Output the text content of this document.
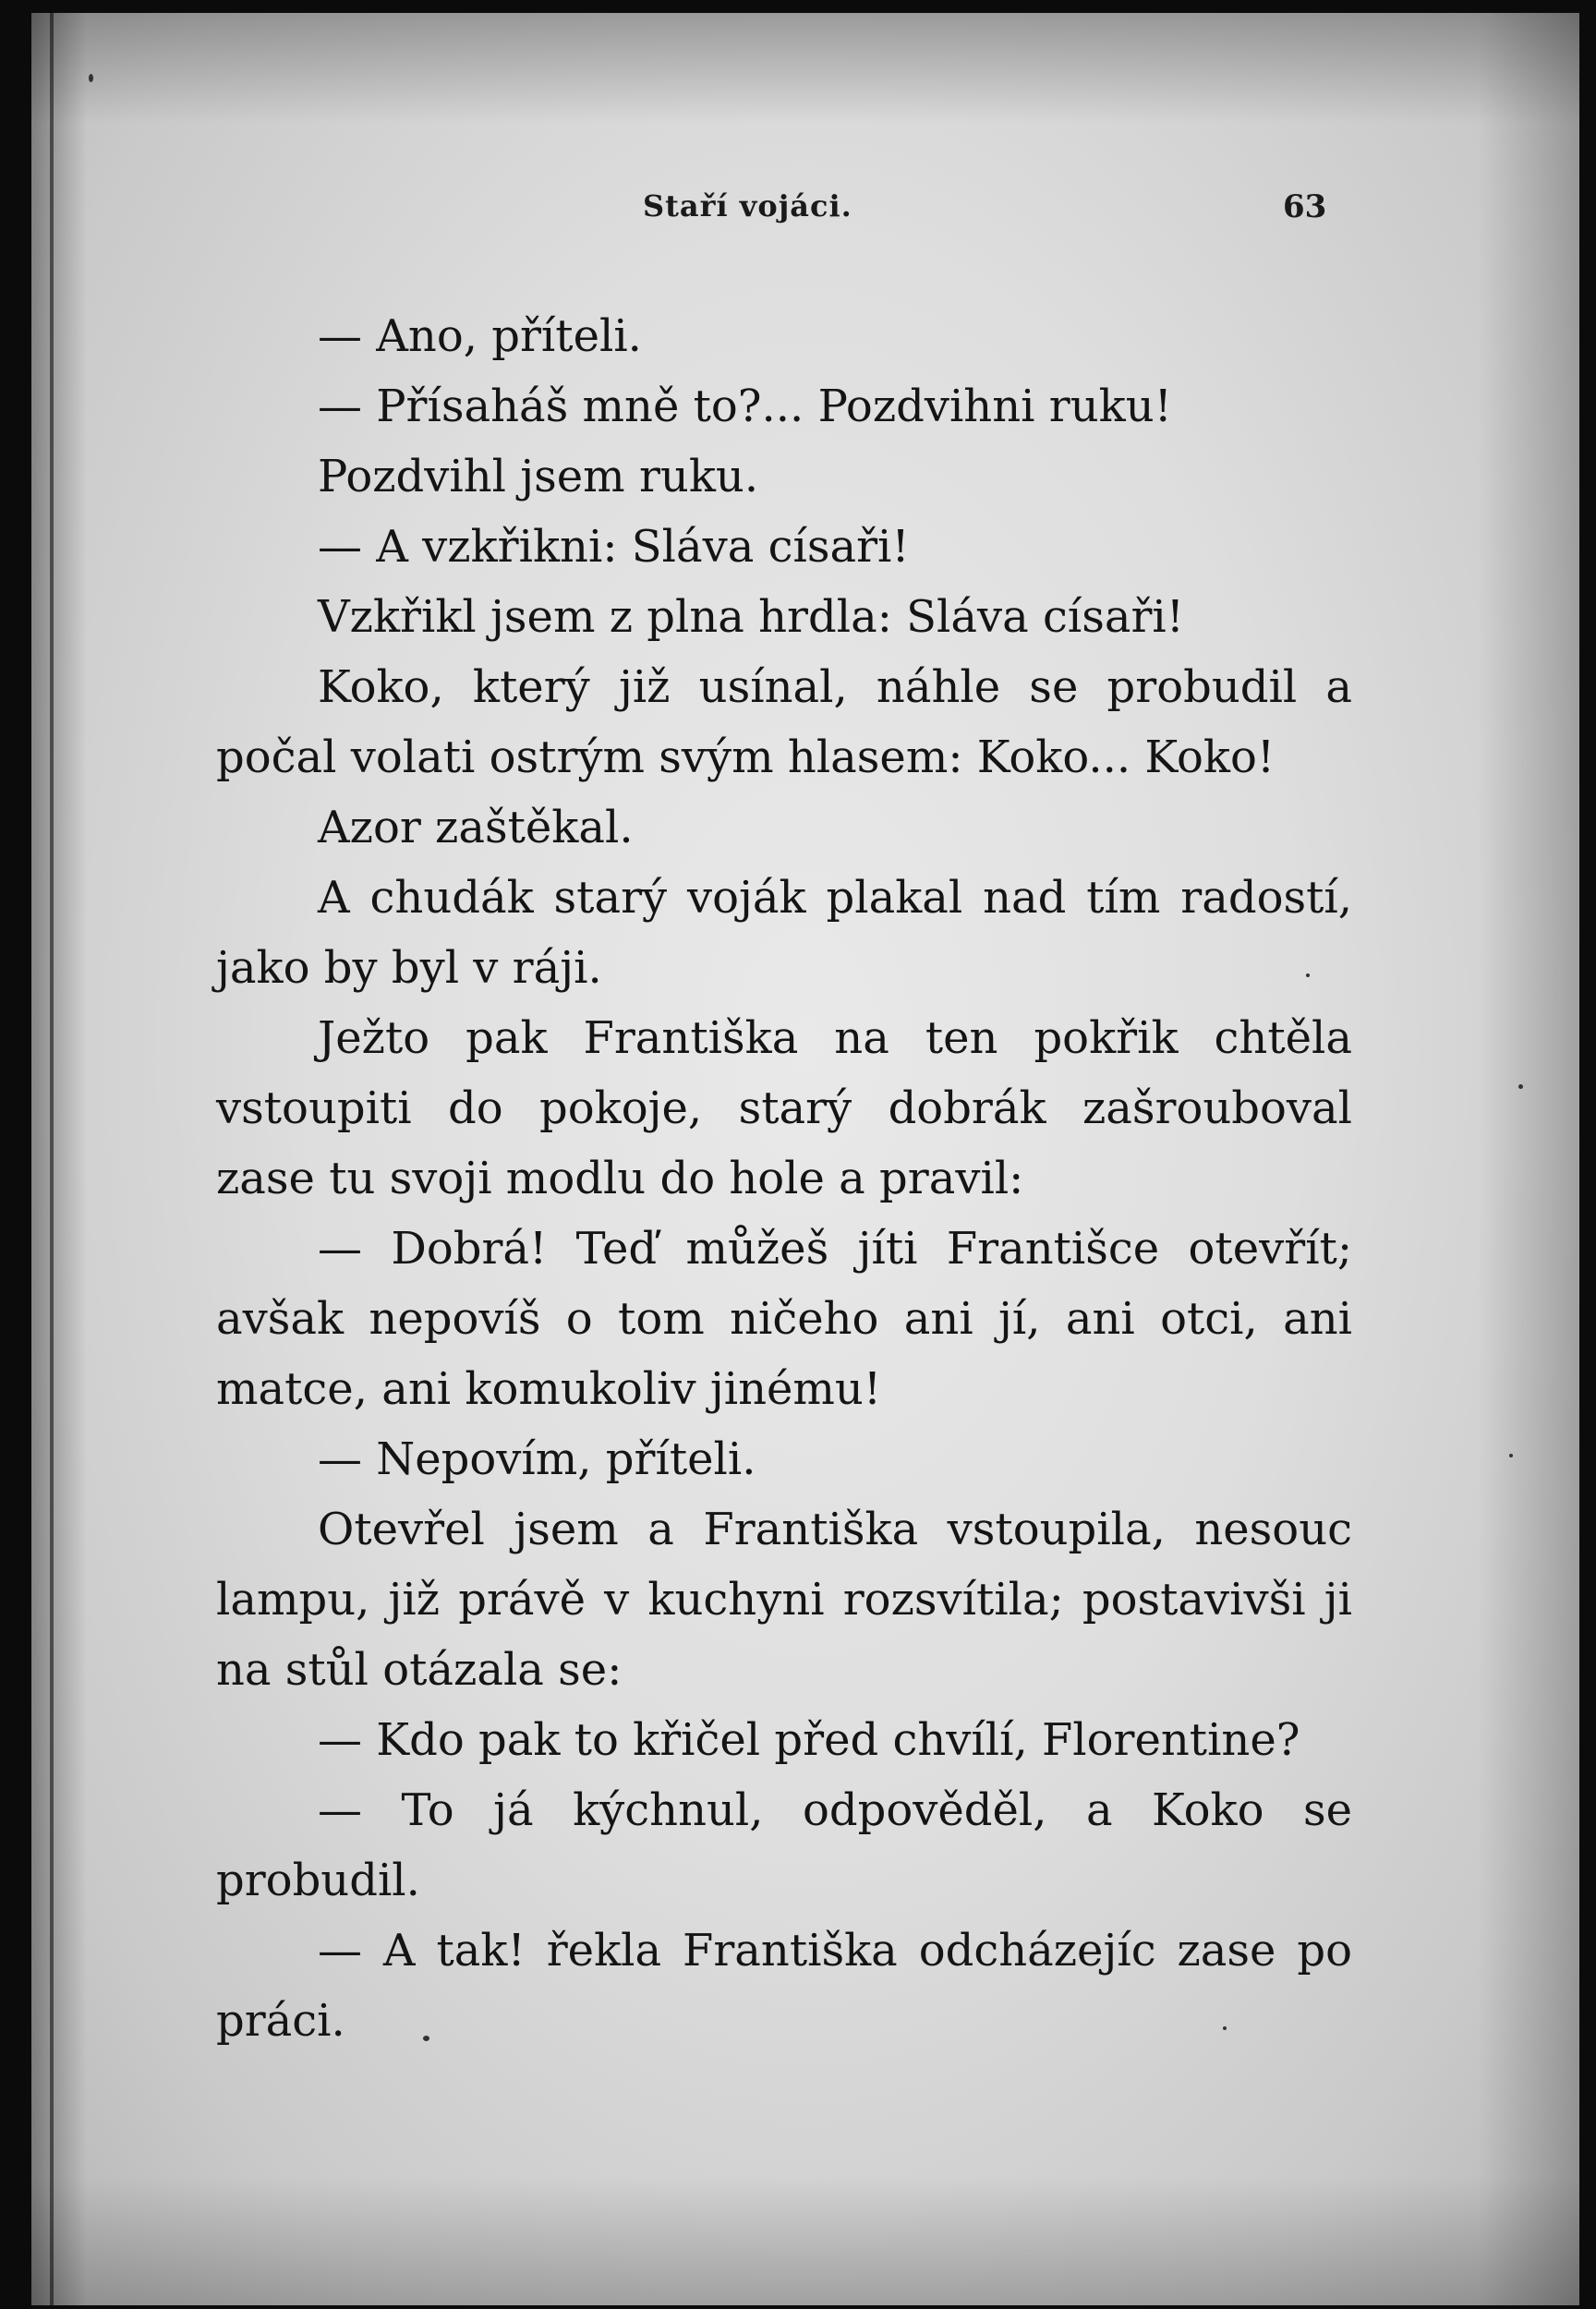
Staří vojáci.	63

— Ano, příteli.

— Přísaháš mně to?... Pozdvihni ruku!

Pozdvihl jsem ruku.

— A vzkřikni: Sláva císaři!

Vzkřikl jsem z plna hrdla: Sláva císaři!

Koko, který již usínal, náhle se probudil a počal volati ostrým svým hlasem: Koko... Koko!

Azor zaštěkal.

A chudák starý voják plakal nad tím radostí, jako by byl v ráji.

Ježto pak Františka na ten pokřik chtěla vstoupiti do pokoje, starý dobrák zašrouboval zase tu svoji modlu do hole a pravil:

— Dobrá! Teď můžeš jíti Františce otevřít; avšak nepovíš o tom ničeho ani jí, ani otci, ani matce, ani komukoliv jinému!

— Nepovím, příteli.

Otevřel jsem a Františka vstoupila, nesouc lampu, již právě v kuchyni rozsvítila; postavivši ji na stůl otázala se:

— Kdo pak to křičel před chvílí, Florentine?

— To já kýchnul, odpověděl, a Koko se probudil.

— A tak! řekla Františka odcházejíc zase po práci.
